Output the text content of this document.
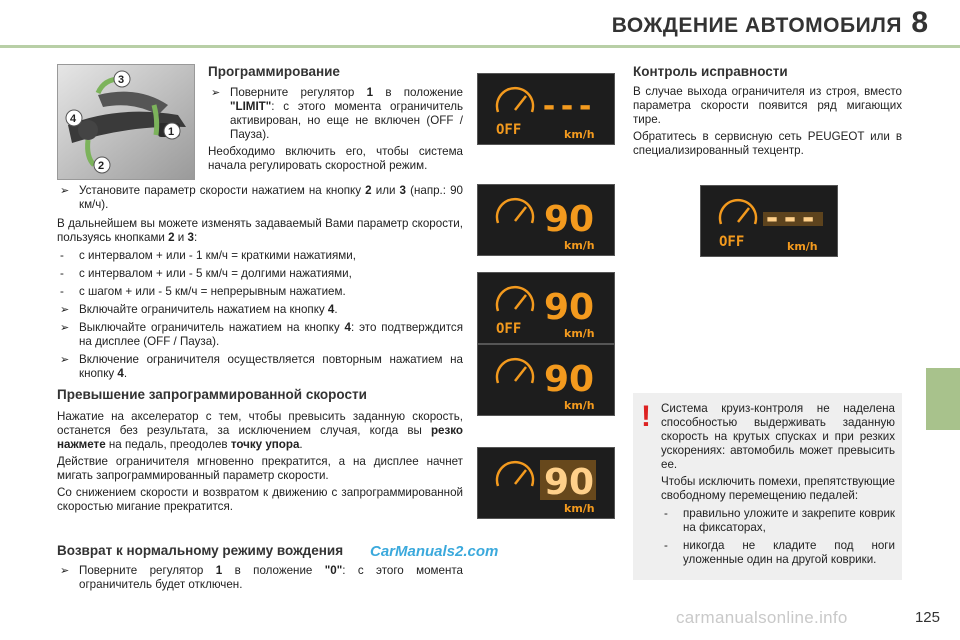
ВОЖДЕНИЕ АВТОМОБИЛЯ 8
3
1
2
4
Программирование

➢ Поверните регулятор 1 в положение "LIMIT": с этого момента ограничитель активирован, но еще не включен (OFF / Пауза).

Необходимо включить его, чтобы система начала регулировать скоростной режим.

➢ Установите параметр скорости нажатием на кнопку 2 или 3 (напр.: 90 км/ч).

В дальнейшем вы можете изменять задаваемый Вами параметр скорости, пользуясь кнопками 2 и 3:

- с интервалом + или - 1 км/ч = краткими нажатиями,

- с интервалом + или - 5 км/ч = долгими нажатиями,

- с шагом + или - 5 км/ч = непрерывным нажатием.

➢ Включайте ограничитель нажатием на кнопку 4.

➢ Выключайте ограничитель нажатием на кнопку 4: это подтверждится на дисплее (OFF / Пауза).

➢ Включение ограничителя осуществляется повторным нажатием на кнопку 4.

Превышение запрограммированной скорости

Нажатие на акселератор с тем, чтобы превысить заданную скорость, останется без результата, за исключением случая, когда вы резко нажмете на педаль, преодолев точку упора.

Действие ограничителя мгновенно прекратится, а на дисплее начнет мигать запрограммированный параметр скорости.

Со снижением скорости и возвратом к движению с запрограммированной скоростью мигание прекратится.

Возврат к нормальному режиму вождения

➢ Поверните регулятор 1 в положение "0": с этого момента ограничитель будет отключен.

CarManuals2.com
OFF
---
km/h
90
km/h
OFF
90
km/h
90
km/h
90
km/h
Контроль исправности

В случае выхода ограничителя из строя, вместо параметра скорости появится ряд мигающих тире.

Обратитесь в сервисную сеть PEUGEOT или в специализированный техцентр.

OFF
---
km/h
! Система круиз-контроля не наделена способностью выдерживать заданную скорость на крутых спусках и при резких ускорениях: автомобиль может превысить ее.

Чтобы исключить помехи, препятствующие свободному перемещению педалей:

- правильно уложите и закрепите коврик на фиксаторах,

- никогда не кладите под ноги уложенные один на другой коврики.

carmanualsonline.info	125
